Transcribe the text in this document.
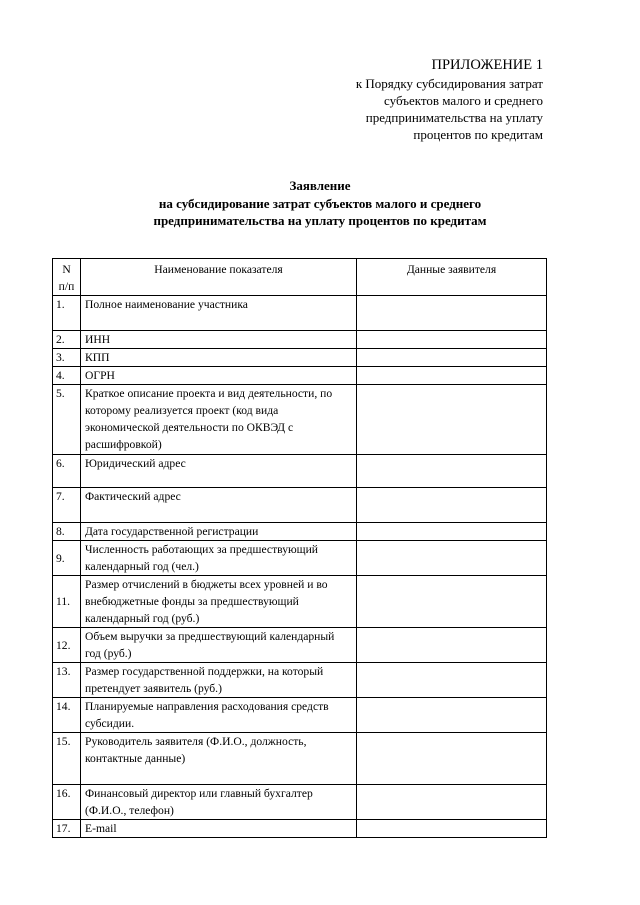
ПРИЛОЖЕНИЕ 1
к Порядку субсидирования затрат
субъектов малого и среднего
предпринимательства на уплату
процентов по кредитам
Заявление
на субсидирование затрат субъектов малого и среднего
предпринимательства на уплату процентов по кредитам
N
п/п	Наименование показателя	Данные заявителя
1.	Полное наименование участника	
2.	ИНН	
3.	КПП	
4.	ОГРН	
5.	Краткое описание проекта и вид деятельности, по которому реализуется проект (код вида экономической деятельности по ОКВЭД с расшифровкой)	
6.	Юридический адрес	
7.	Фактический адрес	
8.	Дата государственной регистрации	
9.	Численность работающих за предшествующий календарный год (чел.)	
11.	Размер отчислений в бюджеты всех уровней и во внебюджетные фонды за предшествующий календарный год (руб.)	
12.	Объем выручки за предшествующий календарный год (руб.)	
13.	Размер государственной поддержки, на который претендует заявитель (руб.)	
14.	Планируемые направления расходования средств субсидии.	
15.	Руководитель заявителя (Ф.И.О., должность, контактные данные)	
16.	Финансовый директор или главный бухгалтер (Ф.И.О., телефон)	
17.	E-mail	
